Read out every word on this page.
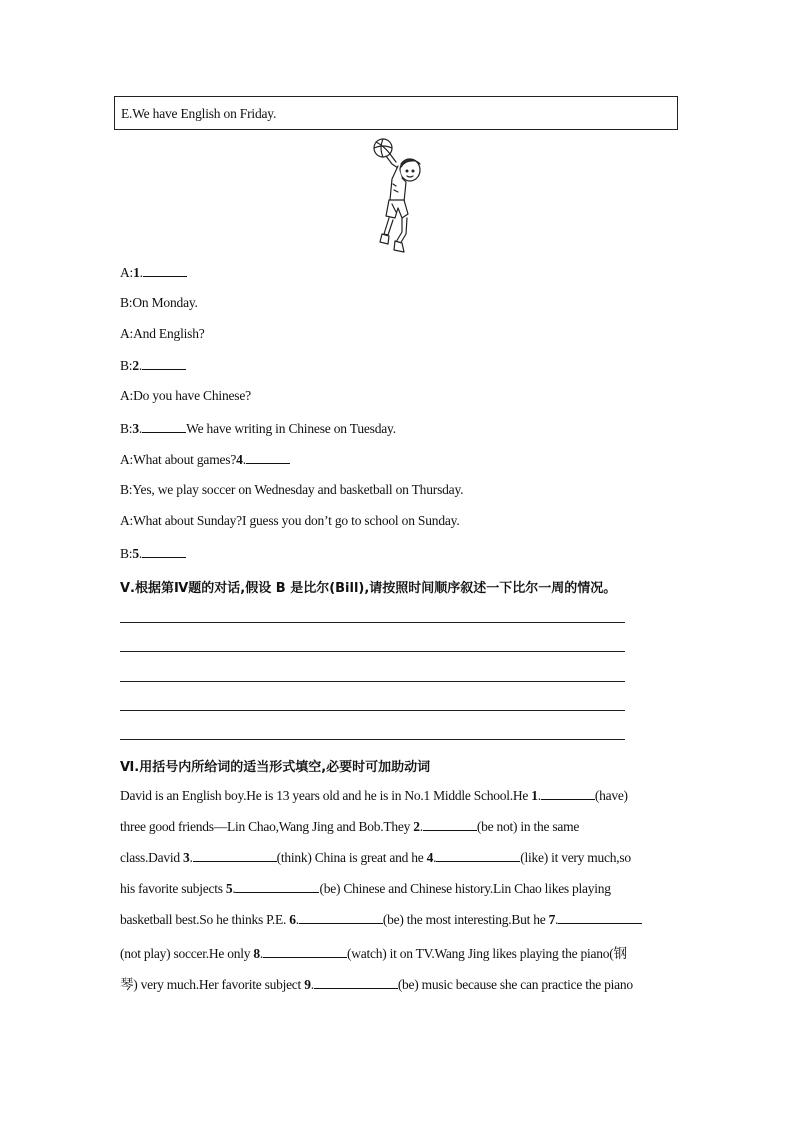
E.We have English on Friday.
A:1.
B:On Monday.
A:And English?
B:2.
A:Do you have Chinese?
B:3.	We have writing in Chinese on Tuesday.
A:What about games?4.
B:Yes, we play soccer on Wednesday and basketball on Thursday.
A:What about Sunday?I guess you don’t go to school on Sunday.
B:5.
Ⅴ.根据第Ⅳ题的对话,假设 B 是比尔(Bill),请按照时间顺序叙述一下比尔一周的情况。
Ⅵ.用括号内所给词的适当形式填空,必要时可加助动词
David is an English boy.He is 13 years old and he is in No.1 Middle School.He 1.	(have)
three good friends—Lin Chao,Wang Jing and Bob.They 2.	(be not) in the same
class.David 3.	(think) China is great and he 4.	(like) it very much,so
his favorite subjects 5.	(be) Chinese and Chinese history.Lin Chao likes playing
basketball best.So he thinks P.E. 6.	(be) the most interesting.But he 7.
(not play) soccer.He only 8.	(watch) it on TV.Wang Jing likes playing the piano(钢
琴) very much.Her favorite subject 9.	(be) music because she can practice the piano
